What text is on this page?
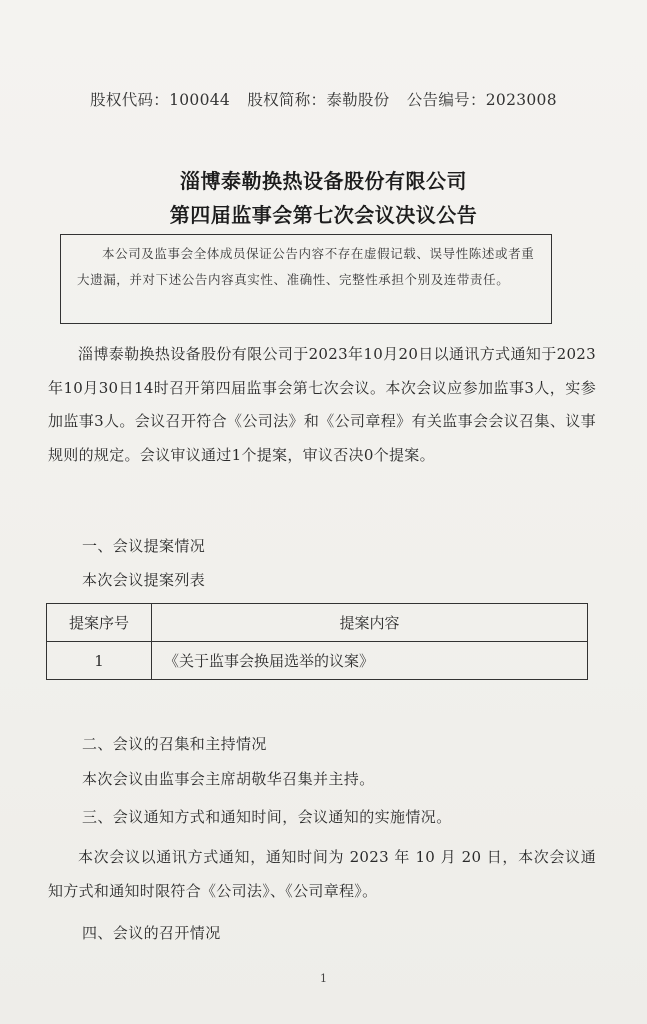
股权代码：100044 股权简称：泰勒股份 公告编号：2023008
淄博泰勒换热设备股份有限公司
第四届监事会第七次会议决议公告
本公司及监事会全体成员保证公告内容不存在虚假记载、误导性陈述或者重大遗漏，并对下述公告内容真实性、准确性、完整性承担个别及连带责任。
淄博泰勒换热设备股份有限公司于2023年10月20日以通讯方式通知于2023年10月30日14时召开第四届监事会第七次会议。本次会议应参加监事3人，实参加监事3人。会议召开符合《公司法》和《公司章程》有关监事会会议召集、议事规则的规定。会议审议通过1个提案，审议否决0个提案。
一、会议提案情况
本次会议提案列表
提案序号	提案内容
1	《关于监事会换届选举的议案》
二、会议的召集和主持情况
本次会议由监事会主席胡敬华召集并主持。
三、会议通知方式和通知时间，会议通知的实施情况。
本次会议以通讯方式通知，通知时间为 2023 年 10 月 20 日，本次会议通知方式和通知时限符合《公司法》、《公司章程》。
四、会议的召开情况
1
